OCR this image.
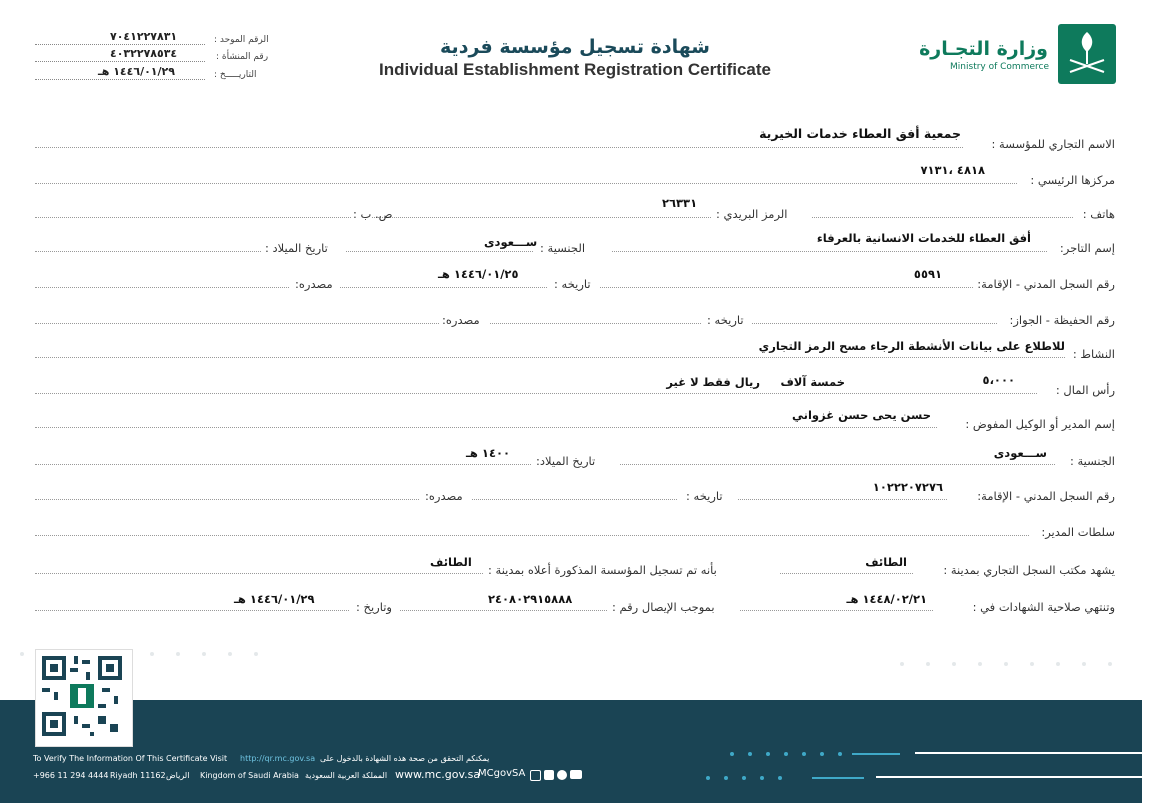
وزارة التجـارة
Ministry of Commerce
شهادة تسجيل مؤسسة فردية
Individual Establishment Registration Certificate
الرقم الموحد :
٧٠٤١٢٢٧٨٣١
رقم المنشأة :
٤٠٣٢٢٧٨٥٣٤
التاريـــــخ :
١٤٤٦/٠١/٢٩ هـ
الاسم التجاري للمؤسسة :
جمعية أفق العطاء خدمات الخيرية
مركزها الرئيسي :
٤٨١٨ ،٧١٣١
هاتف :
الرمز البريدي :
٢٦٣٣١
ص. ب :
إسم التاجر:
أفق العطاء للخدمات الانسانية بالعرفاء
الجنسية :
ســـعودى
تاريخ الميلاد :
رقم السجل المدني - الإقامة:
٥٥٩١
تاريخه :
١٤٤٦/٠١/٢٥ هـ
مصدره:
رقم الحفيظة - الجواز:
تاريخه :
مصدره:
النشاط :
للاطلاع على بيانات الأنشطة الرجاء مسح الرمز التجاري
رأس المال :
٥،٠٠٠
خمسة آلاف
ريال فقط لا غير
إسم المدير أو الوكيل المفوض :
حسن يحى حسن غزواني
الجنسية :
ســـعودى
تاريخ الميلاد:
١٤٠٠ هـ
رقم السجل المدني - الإقامة:
١٠٢٢٢٠٧٢٧٦
تاريخه :
مصدره:
سلطات المدير:
يشهد مكتب السجل التجاري بمدينة :
الطائف
بأنه تم تسجيل المؤسسة المذكورة أعلاه بمدينة :
الطائف
وتنتهي صلاحية الشهادات في :
١٤٤٨/٠٢/٢١ هـ
بموجب الإيصال رقم :
٢٤٠٨٠٢٩١٥٨٨٨
وتاريخ :
١٤٤٦/٠١/٢٩ هـ
To Verify The Information Of This Certificate Visit http://qr.mc.gov.sa يمكنكم التحقق من صحة هذه الشهادة بالدخول على
+966 11 294 4444 Riyadh 11162 الرياض Kingdom of Saudi Arabia المملكة العربية السعودية www.mc.gov.sa
MCgovSA
